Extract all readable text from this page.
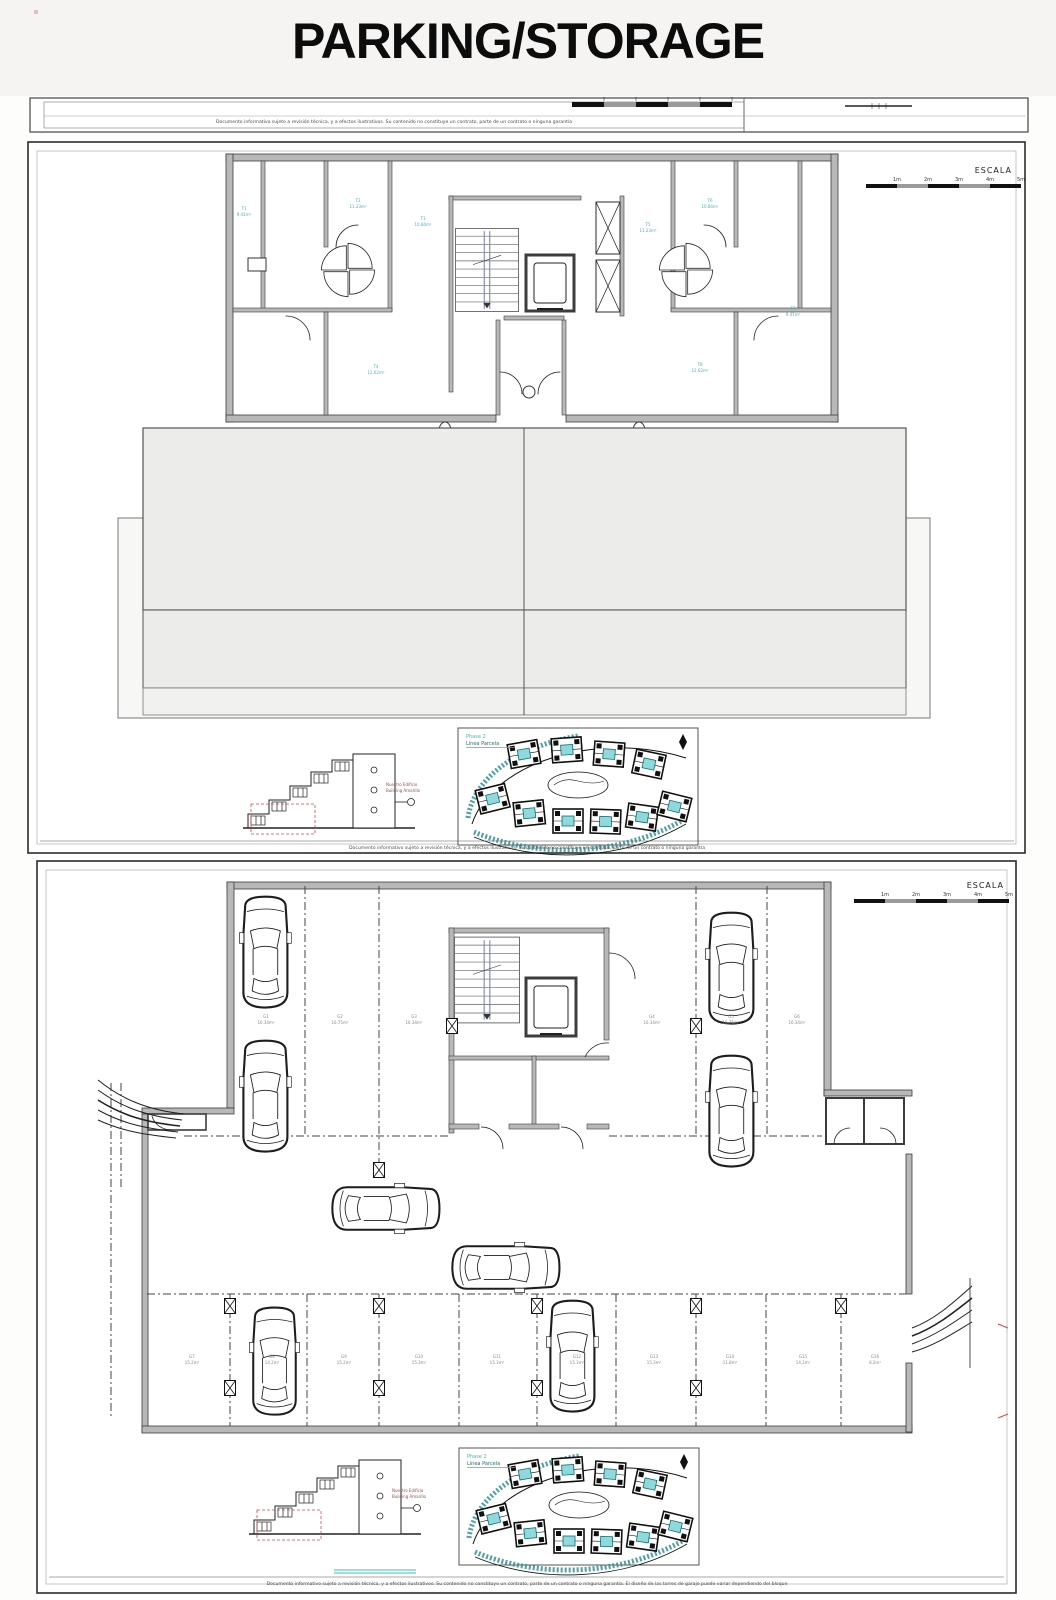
PARKING/STORAGE
Documento informativo sujeto a revisión técnica, y a efectos ilustrativos. Su contenido no constituye un contrato, parte de un contrato o ninguna garantía
ESCALA
1m	2m	3m	4m	5m
T1
9.41m²
T2
11.23m²
T3
10.84m²
T4
12.62m²
T5
11.23m²
T6
10.84m²
T7
9.41m²
T8
12.62m²
Nuestro Edificio
Building Amarillo
Phase 2
Línea Parcela
Documento informativo sujeto a revisión técnica, y a efectos ilustrativos. Su contenido no constituye un contrato, parte de un contrato o ninguna garantía
ESCALA
1m	2m	3m	4m	5m
G1
16.34m²
G2
16.75m²
G3
16.34m²
G4
16.34m²
G5
16.75m²
G6
16.34m²
G7
15.2m²
G8
14.2m²
G9
15.2m²
G10
15.3m²
G11
15.3m²
G12
15.3m²
G13
15.3m²
G14
11.8m²
G15
14.2m²
G16
8.2m²
Nuestro Edificio
Building Amarillo
Phase 2
Línea Parcela
Documento informativo sujeto a revisión técnica, y a efectos ilustrativos. Su contenido no constituye un contrato, parte de un contrato o ninguna garantía. El diseño de las torres de garaje puede variar dependiendo del bloque
